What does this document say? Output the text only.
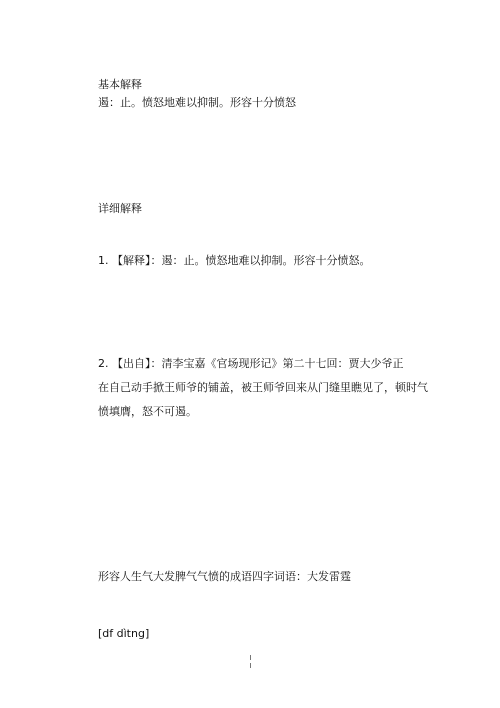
基本解释
遏：止。愤怒地难以抑制。形容十分愤怒
详细解释
1. 【解释】：遏：止。愤怒地难以抑制。形容十分愤怒。
2. 【出自】：清李宝嘉《官场现形记》第二十七回：贾大少爷正
在自己动手掀王师爷的铺盖，被王师爷回来从门缝里瞧见了，顿时气
愤填膺，怒不可遏。
形容人生气大发脾气气愤的成语四字词语：大发雷霆
[df dìtng]
